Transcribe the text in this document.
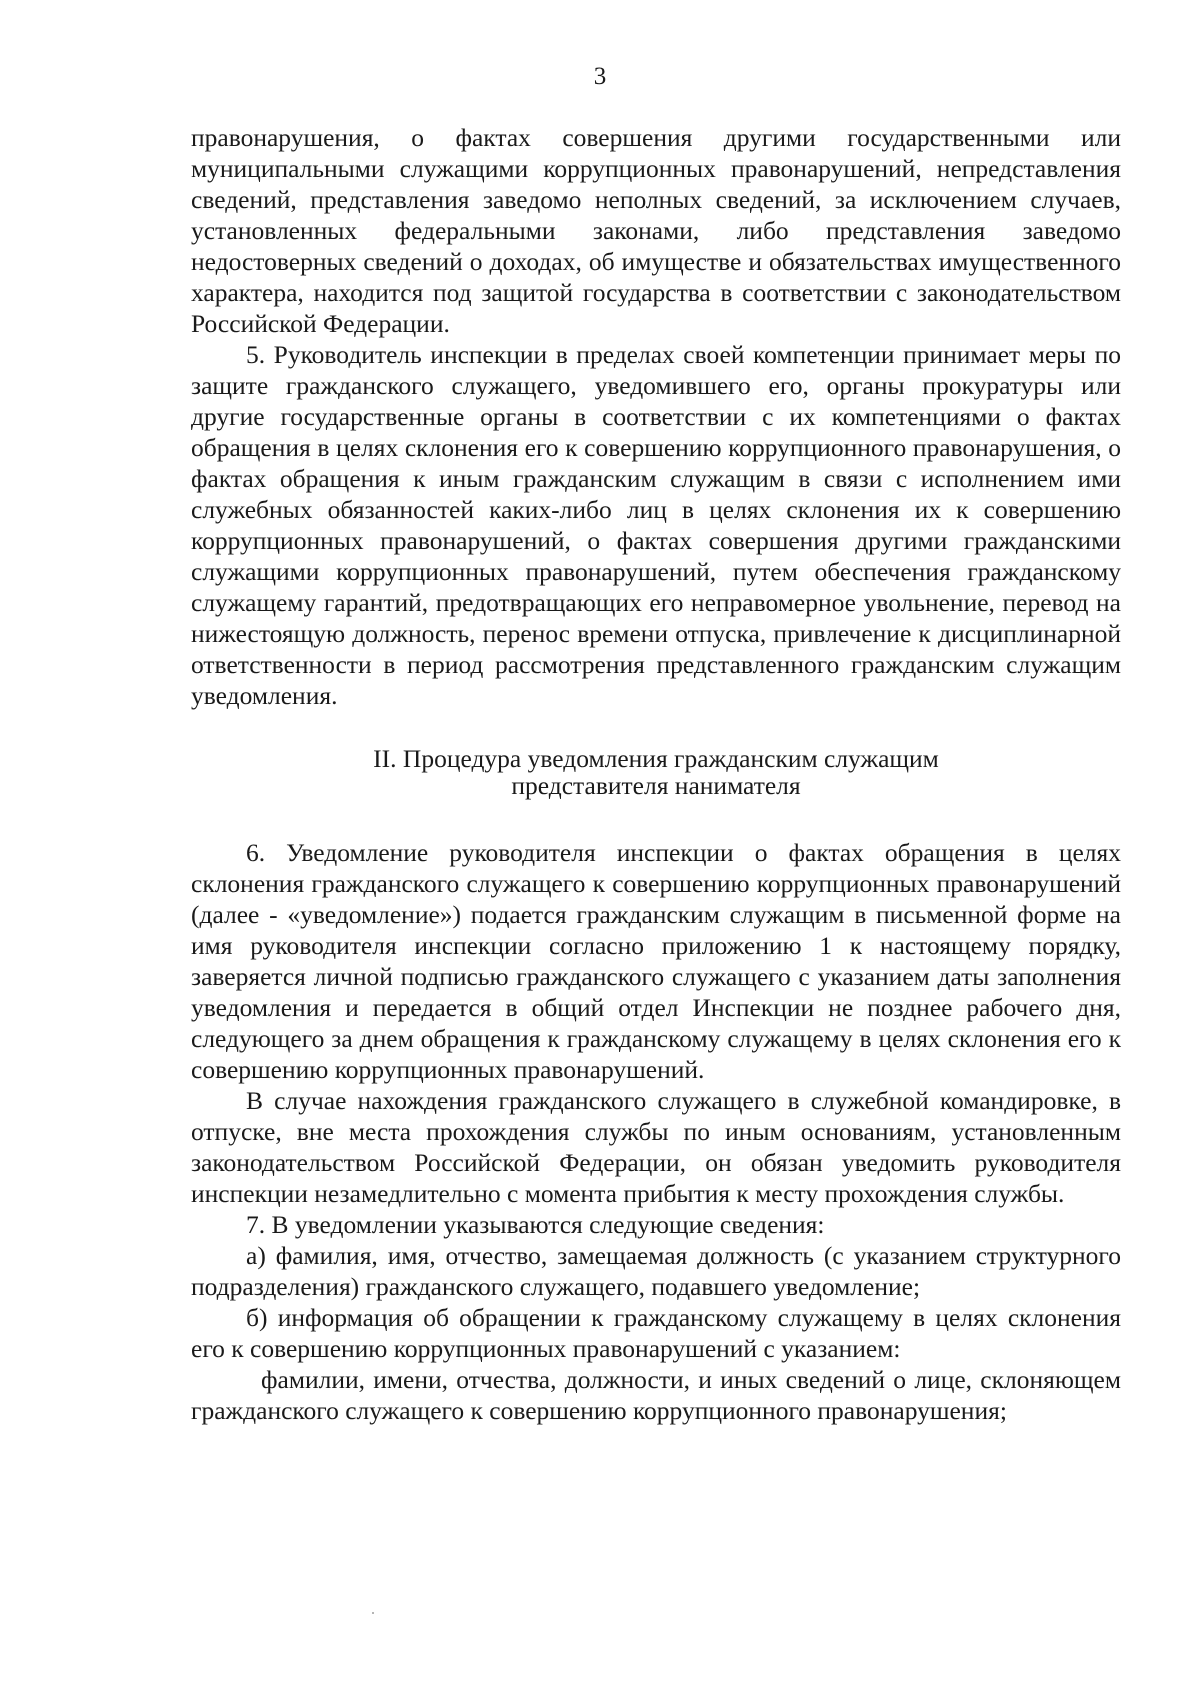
3

правонарушения, о фактах совершения другими государственными или муниципальными служащими коррупционных правонарушений, непредставления сведений, представления заведомо неполных сведений, за исключением случаев, установленных федеральными законами, либо представления заведомо недостоверных сведений о доходах, об имуществе и обязательствах имущественного характера, находится под защитой государства в соответствии с законодательством Российской Федерации.

5. Руководитель инспекции в пределах своей компетенции принимает меры по защите гражданского служащего, уведомившего его, органы прокуратуры или другие государственные органы в соответствии с их компетенциями о фактах обращения в целях склонения его к совершению коррупционного правонарушения, о фактах обращения к иным гражданским служащим в связи с исполнением ими служебных обязанностей каких-либо лиц в целях склонения их к совершению коррупционных правонарушений, о фактах совершения другими гражданскими служащими коррупционных правонарушений, путем обеспечения гражданскому служащему гарантий, предотвращающих его неправомерное увольнение, перевод на нижестоящую должность, перенос времени отпуска, привлечение к дисциплинарной ответственности в период рассмотрения представленного гражданским служащим уведомления.

II. Процедура уведомления гражданским служащим
представителя нанимателя

6. Уведомление руководителя инспекции о фактах обращения в целях склонения гражданского служащего к совершению коррупционных правонарушений (далее - «уведомление») подается гражданским служащим в письменной форме на имя руководителя инспекции согласно приложению 1 к настоящему порядку, заверяется личной подписью гражданского служащего с указанием даты заполнения уведомления и передается в общий отдел Инспекции не позднее рабочего дня, следующего за днем обращения к гражданскому служащему в целях склонения его к совершению коррупционных правонарушений.

В случае нахождения гражданского служащего в служебной командировке, в отпуске, вне места прохождения службы по иным основаниям, установленным законодательством Российской Федерации, он обязан уведомить руководителя инспекции незамедлительно с момента прибытия к месту прохождения службы.

7. В уведомлении указываются следующие сведения:

а) фамилия, имя, отчество, замещаемая должность (с указанием структурного подразделения) гражданского служащего, подавшего уведомление;

б) информация об обращении к гражданскому служащему в целях склонения его к совершению коррупционных правонарушений с указанием:

фамилии, имени, отчества, должности, и иных сведений о лице, склоняющем гражданского служащего к совершению коррупционного правонарушения;
